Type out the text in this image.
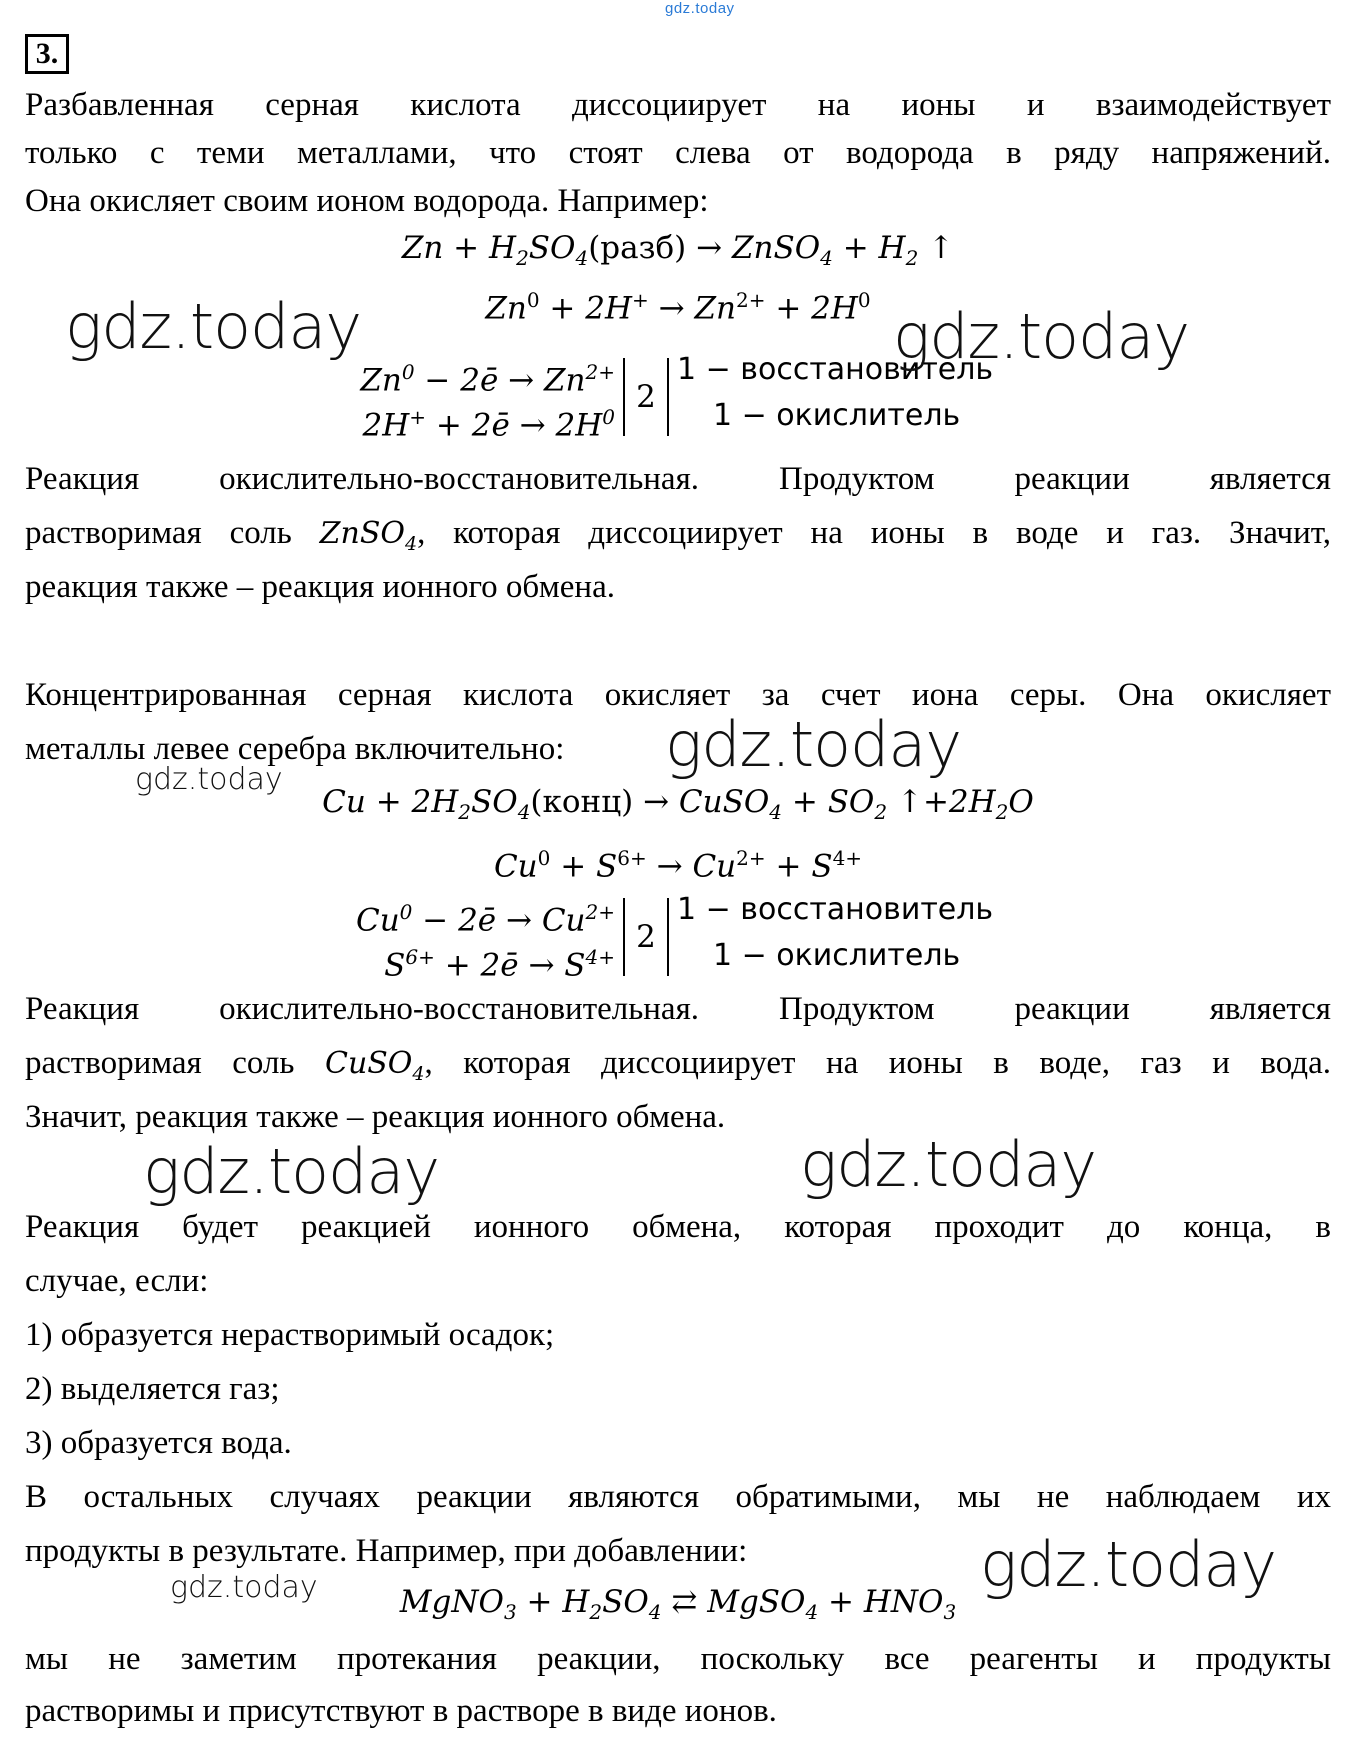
gdz.today
3.
Разбавленная серная кислота диссоциирует на ионы и взаимодействует
только с теми металлами, что стоят слева от водорода в ряду напряжений.
Она окисляет своим ионом водорода. Например:
$Zn + H_2SO_4(разб)$ → ZnSO$_4$ + $H_2$ ↑
$Zn^0 + 2H^+ \to Zn^{2+} + 2H^0$
$Zn^0$ − 2ē → $Zn^{2+}$
2H+ + 2ē → $2H^0$
2
1 − восстановитель
1 − окислитель
Реакция окислительно-восстановительная. Продуктом реакции является
растворимая соль ZnSO$_4$, которая диссоциирует на ионы в воде и газ. Значит,
реакция также – реакция ионного обмена.
Концентрированная серная кислота окисляет за счет иона серы. Она окисляет
металлы левее серебра включительно:
$Cu + 2H_2SO_4(конц)$ → CuSO$_4$ + $SO_2$ $↑+2H_2O$
$Cu^0 + S^{6+} \to Cu^{2+} + S^{4+}$
$Cu^0$ − 2ē → $Cu^{2+}$
$S^{6+}$ + 2ē → $S^{4+}$
2
1 − восстановитель
1 − окислитель
Реакция окислительно-восстановительная. Продуктом реакции является
растворимая соль CuSO$_4$, которая диссоциирует на ионы в воде, газ и вода.
Значит, реакция также – реакция ионного обмена.
Реакция будет реакцией ионного обмена, которая проходит до конца, в
случае, если:
1) образуется нерастворимый осадок;
2) выделяется газ;
3) образуется вода.
В остальных случаях реакции являются обратимыми, мы не наблюдаем их
продукты в результате. Например, при добавлении:
MgNO$_3$ + $H_2SO_4$ ⇄ MgSO$_4$ + $HNO_3$
мы не заметим протекания реакции, поскольку все реагенты и продукты
растворимы и присутствуют в растворе в виде ионов.
gdz.today	gdz.today
gdz.today
gdz.today
gdz.today	gdz.today
gdz.today
gdz.today
